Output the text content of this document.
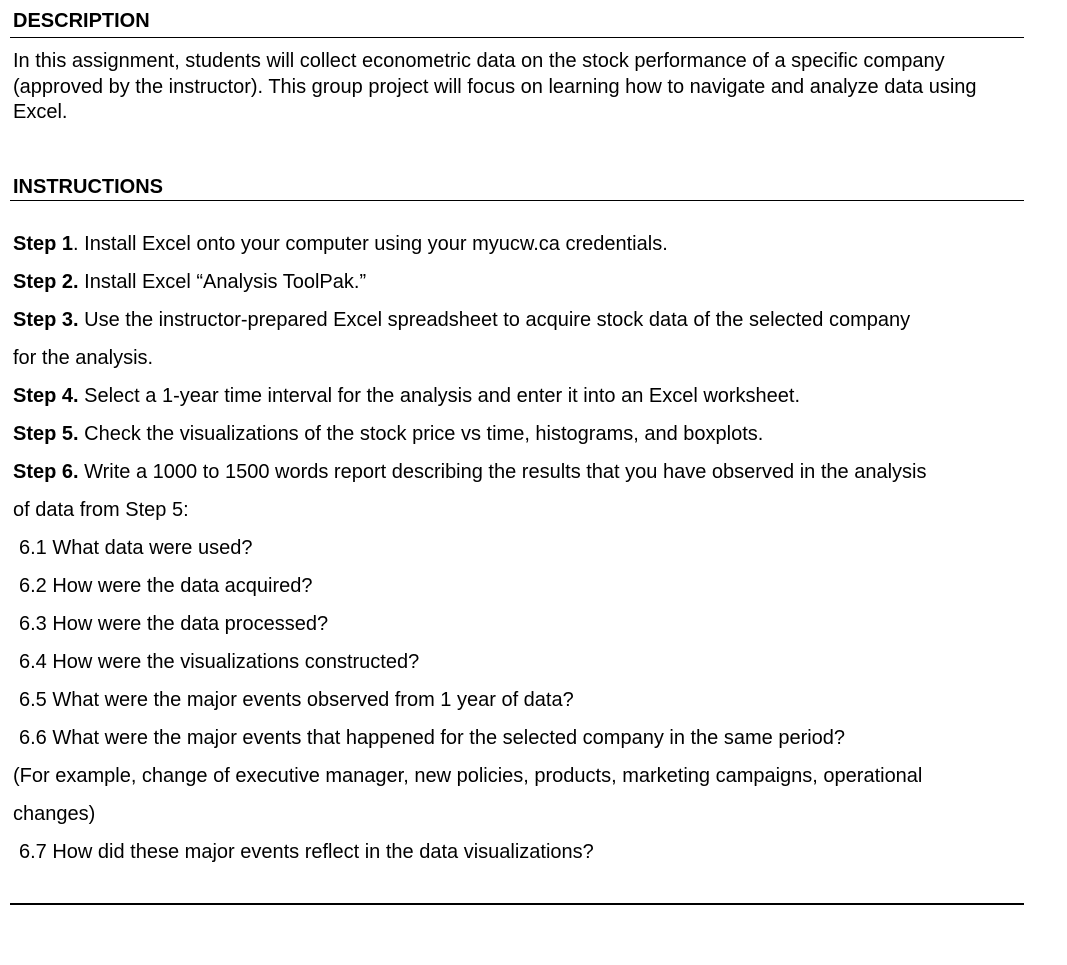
DESCRIPTION

In this assignment, students will collect econometric data on the stock performance of a specific company (approved by the instructor). This group project will focus on learning how to navigate and analyze data using Excel.

INSTRUCTIONS
Step 1. Install Excel onto your computer using your myucw.ca credentials.
Step 2. Install Excel “Analysis ToolPak.”
Step 3. Use the instructor-prepared Excel spreadsheet to acquire stock data of the selected company
for the analysis.
Step 4. Select a 1-year time interval for the analysis and enter it into an Excel worksheet.
Step 5. Check the visualizations of the stock price vs time, histograms, and boxplots.
Step 6. Write a 1000 to 1500 words report describing the results that you have observed in the analysis
of data from Step 5:
6.1 What data were used?
6.2 How were the data acquired?
6.3 How were the data processed?
6.4 How were the visualizations constructed?
6.5 What were the major events observed from 1 year of data?
6.6 What were the major events that happened for the selected company in the same period?
(For example, change of executive manager, new policies, products, marketing campaigns, operational
changes)
6.7 How did these major events reflect in the data visualizations?
